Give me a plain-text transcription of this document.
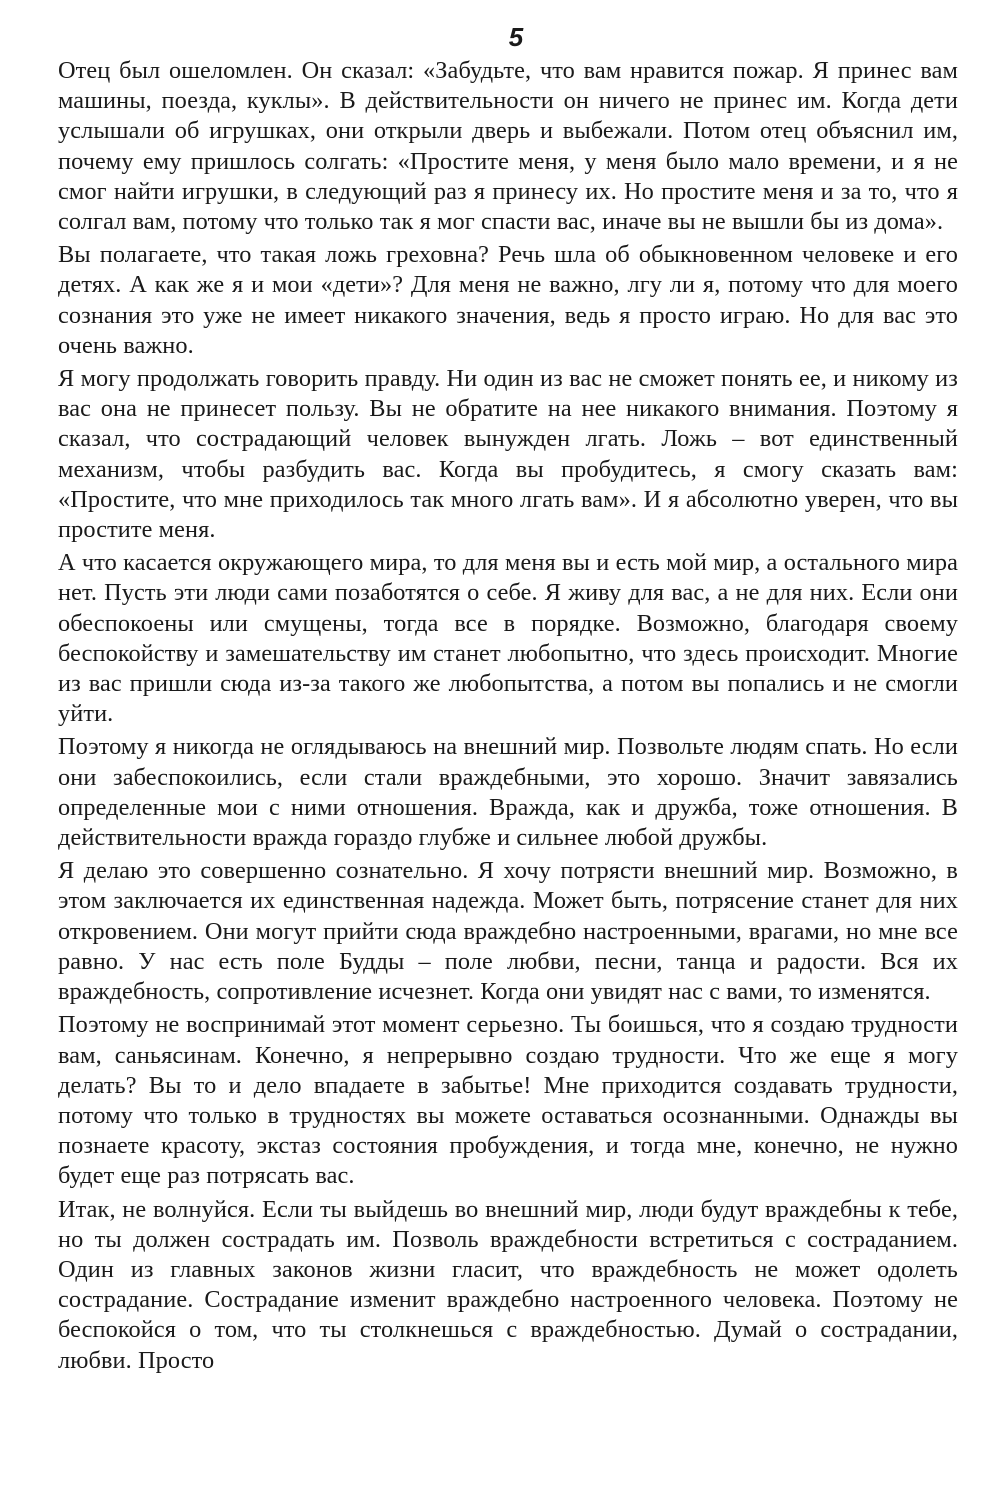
5

Отец был ошеломлен. Он сказал: «Забудьте, что вам нравится пожар. Я принес вам машины, поезда, куклы». В действительности он ничего не принес им. Когда дети услышали об игрушках, они открыли дверь и выбежали. Потом отец объяснил им, почему ему пришлось солгать: «Простите меня, у меня было мало времени, и я не смог найти игрушки, в следующий раз я принесу их. Но простите меня и за то, что я солгал вам, потому что только так я мог спасти вас, иначе вы не вышли бы из дома».

Вы полагаете, что такая ложь греховна? Речь шла об обыкновенном человеке и его детях. А как же я и мои «дети»? Для меня не важно, лгу ли я, потому что для моего сознания это уже не имеет никакого значения, ведь я просто играю. Но для вас это очень важно.

Я могу продолжать говорить правду. Ни один из вас не сможет понять ее, и никому из вас она не принесет пользу. Вы не обратите на нее никакого внимания. Поэтому я сказал, что сострадающий человек вынужден лгать. Ложь – вот единственный механизм, чтобы разбудить вас. Когда вы пробудитесь, я смогу сказать вам: «Простите, что мне приходилось так много лгать вам». И я абсолютно уверен, что вы простите меня.

А что касается окружающего мира, то для меня вы и есть мой мир, а остального мира нет. Пусть эти люди сами позаботятся о себе. Я живу для вас, а не для них. Если они обеспокоены или смущены, тогда все в порядке. Возможно, благодаря своему беспокойству и замешательству им станет любопытно, что здесь происходит. Многие из вас пришли сюда из-за такого же любопытства, а потом вы попались и не смогли уйти.

Поэтому я никогда не оглядываюсь на внешний мир. Позвольте людям спать. Но если они забеспокоились, если стали враждебными, это хорошо. Значит завязались определенные мои с ними отношения. Вражда, как и дружба, тоже отношения. В действительности вражда гораздо глубже и сильнее любой дружбы.

Я делаю это совершенно сознательно. Я хочу потрясти внешний мир. Возможно, в этом заключается их единственная надежда. Может быть, потрясение станет для них откровением. Они могут прийти сюда враждебно настроенными, врагами, но мне все равно. У нас есть поле Будды – поле любви, песни, танца и радости. Вся их враждебность, сопротивление исчезнет. Когда они увидят нас с вами, то изменятся.

Поэтому не воспринимай этот момент серьезно. Ты боишься, что я создаю трудности вам, саньясинам. Конечно, я непрерывно создаю трудности. Что же еще я могу делать? Вы то и дело впадаете в забытье! Мне приходится создавать трудности, потому что только в трудностях вы можете оставаться осознанными. Однажды вы познаете красоту, экстаз состояния пробуждения, и тогда мне, конечно, не нужно будет еще раз потрясать вас.

Итак, не волнуйся. Если ты выйдешь во внешний мир, люди будут враждебны к тебе, но ты должен сострадать им. Позволь враждебности встретиться с состраданием. Один из главных законов жизни гласит, что враждебность не может одолеть сострадание. Сострадание изменит враждебно настроенного человека. Поэтому не беспокойся о том, что ты столкнешься с враждебностью. Думай о сострадании, любви. Просто
